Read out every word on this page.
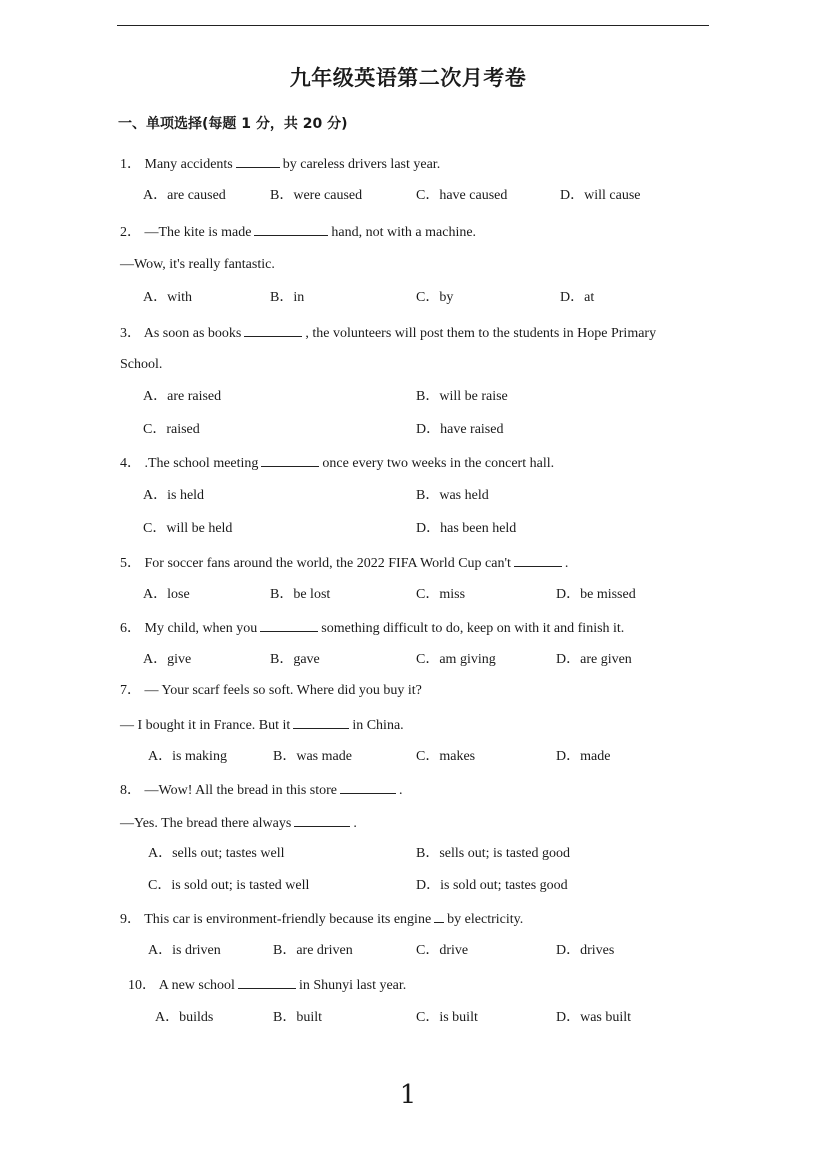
九年级英语第二次月考卷
一、单项选择(每题 1 分，共 20 分)
1． Many accidents	by careless drivers last year.
A．are caused	B．were caused	C．have caused	D．will cause
2． —The kite is made	hand, not with a machine.
—Wow, it's really fantastic.
A．with	B．in	C．by	D．at
3． As soon as books	, the volunteers will post them to the students in Hope Primary
School.
A．are raised	B．will be raise
C．raised	D．have raised
4． .The school meeting	once every two weeks in the concert hall.
A．is held	B．was held
C．will be held	D．has been held
5． For soccer fans around the world, the 2022 FIFA World Cup can't	.
A．lose	B．be lost	C．miss	D．be missed
6． My child, when you	something difficult to do, keep on with it and finish it.
A．give	B．gave	C．am giving	D．are given
7． — Your scarf feels so soft. Where did you buy it?
— I bought it in France. But it	in China.
A．is making	B．was made	C．makes	D．made
8． —Wow! All the bread in this store	.
—Yes. The bread there always	.
A．sells out; tastes well	B．sells out; is tasted good
C．is sold out; is tasted well	D．is sold out; tastes good
9． This car is environment-friendly because its engine by electricity.
A．is driven	B．are driven	C．drive	D．drives
10． A new school	in Shunyi last year.
A．builds	B．built	C．is built	D．was built
1
